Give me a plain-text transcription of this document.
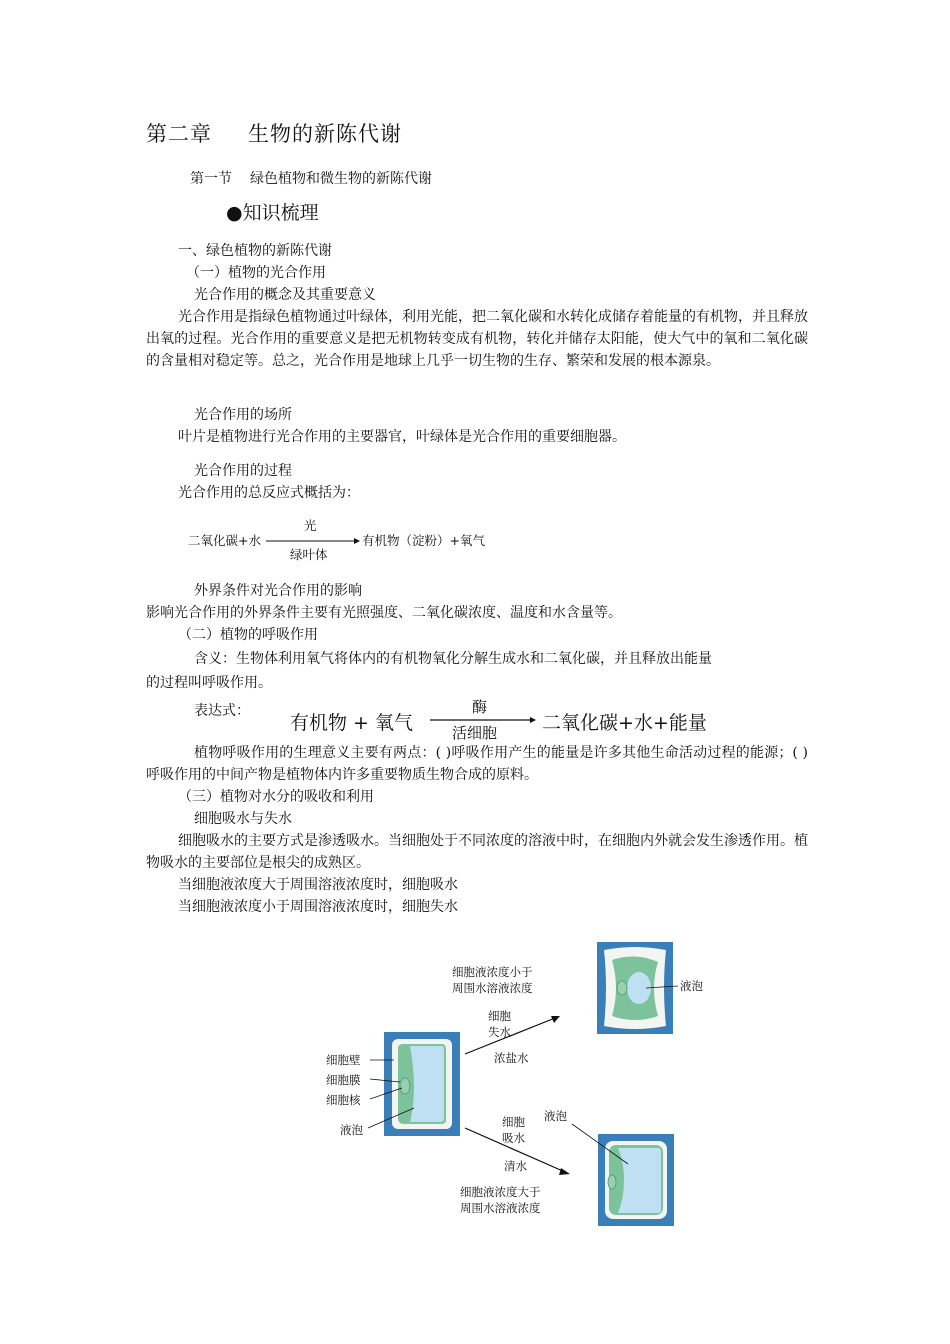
第二章 生物的新陈代谢
第一节 绿色植物和微生物的新陈代谢
●知识梳理
一、绿色植物的新陈代谢
（一）植物的光合作用
光合作用的概念及其重要意义
光合作用是指绿色植物通过叶绿体，利用光能，把二氧化碳和水转化成储存着能量的有机物，并且释放出氧的过程。光合作用的重要意义是把无机物转变成有机物，转化并储存太阳能，使大气中的氧和二氧化碳的含量相对稳定等。总之，光合作用是地球上几乎一切生物的生存、繁荣和发展的根本源泉。
光合作用的场所
叶片是植物进行光合作用的主要器官，叶绿体是光合作用的重要细胞器。
光合作用的过程
光合作用的总反应式概括为：
二氧化碳+水
光
绿叶体
有机物（淀粉）+氧气
外界条件对光合作用的影响
影响光合作用的外界条件主要有光照强度、二氧化碳浓度、温度和水含量等。
（二）植物的呼吸作用
含义：生物体利用氧气将体内的有机物氧化分解生成水和二氧化碳，并且释放出能量
的过程叫呼吸作用。
表达式：
有机物 + 氧气
酶
活细胞 二氧化碳+水+能量
植物呼吸作用的生理意义主要有两点：( )呼吸作用产生的能量是许多其他生命活动过程的能源；( )呼吸作用的中间产物是植物体内许多重要物质生物合成的原料。
（三）植物对水分的吸收和利用
细胞吸水与失水
细胞吸水的主要方式是渗透吸水。当细胞处于不同浓度的溶液中时，在细胞内外就会发生渗透作用。植物吸水的主要部位是根尖的成熟区。
当细胞液浓度大于周围溶液浓度时，细胞吸水
当细胞液浓度小于周围溶液浓度时，细胞失水
细胞液浓度小于
周围水溶液浓度	液泡
细胞
失水
浓盐水
细胞壁
细胞膜
细胞核
液泡
液泡
细胞
吸水
清水
细胞液浓度大于
周围水溶液浓度
